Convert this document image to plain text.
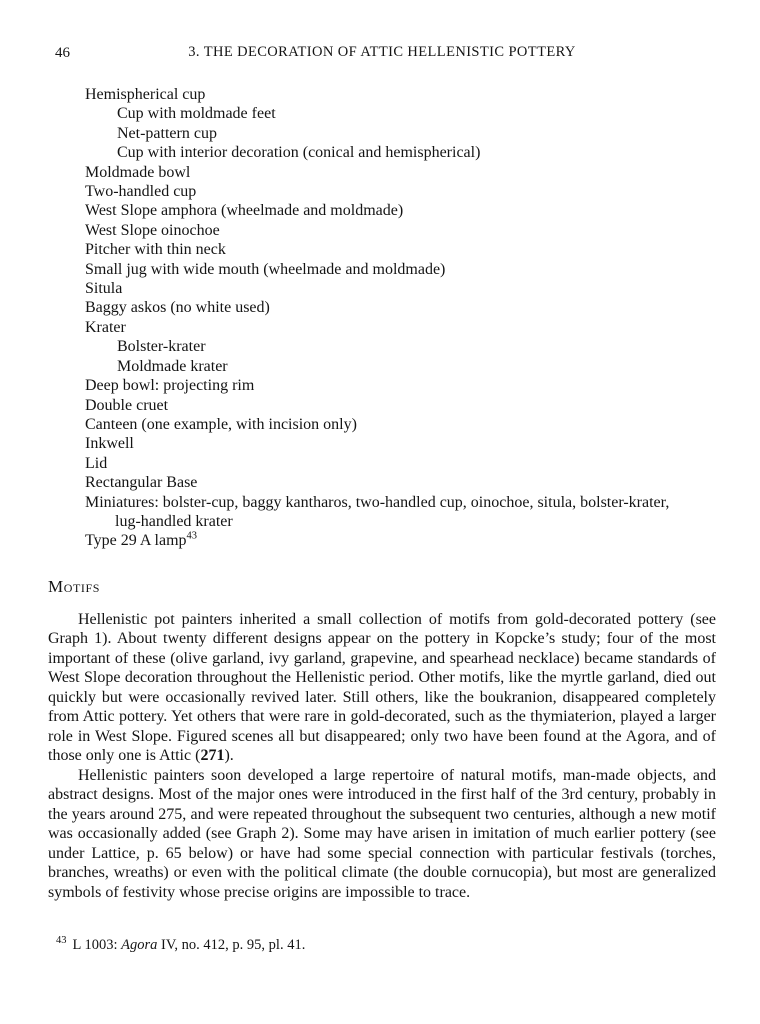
46	3. THE DECORATION OF ATTIC HELLENISTIC POTTERY
Hemispherical cup
Cup with moldmade feet
Net-pattern cup
Cup with interior decoration (conical and hemispherical)
Moldmade bowl
Two-handled cup
West Slope amphora (wheelmade and moldmade)
West Slope oinochoe
Pitcher with thin neck
Small jug with wide mouth (wheelmade and moldmade)
Situla
Baggy askos (no white used)
Krater
Bolster-krater
Moldmade krater
Deep bowl: projecting rim
Double cruet
Canteen (one example, with incision only)
Inkwell
Lid
Rectangular Base
Miniatures: bolster-cup, baggy kantharos, two-handled cup, oinochoe, situla, bolster-krater,
lug-handled krater
Type 29 A lamp$^{43}$
Motifs

Hellenistic pot painters inherited a small collection of motifs from gold-decorated pottery (see Graph 1). About twenty different designs appear on the pottery in Kopcke’s study; four of the most important of these (olive garland, ivy garland, grapevine, and spearhead necklace) became standards of West Slope decoration throughout the Hellenistic period. Other motifs, like the myrtle garland, died out quickly but were occasionally revived later. Still others, like the boukranion, disappeared completely from Attic pottery. Yet others that were rare in gold-decorated, such as the thymiaterion, played a larger role in West Slope. Figured scenes all but disappeared; only two have been found at the Agora, and of those only one is Attic (271).

Hellenistic painters soon developed a large repertoire of natural motifs, man-made objects, and abstract designs. Most of the major ones were introduced in the first half of the 3rd century, probably in the years around 275, and were repeated throughout the subsequent two centuries, although a new motif was occasionally added (see Graph 2). Some may have arisen in imitation of much earlier pottery (see under Lattice, p. 65 below) or have had some special connection with particular festivals (torches, branches, wreaths) or even with the political climate (the double cornucopia), but most are generalized symbols of festivity whose precise origins are impossible to trace.

$^{43}$ L 1003: Agora IV, no. 412, p. 95, pl. 41.
